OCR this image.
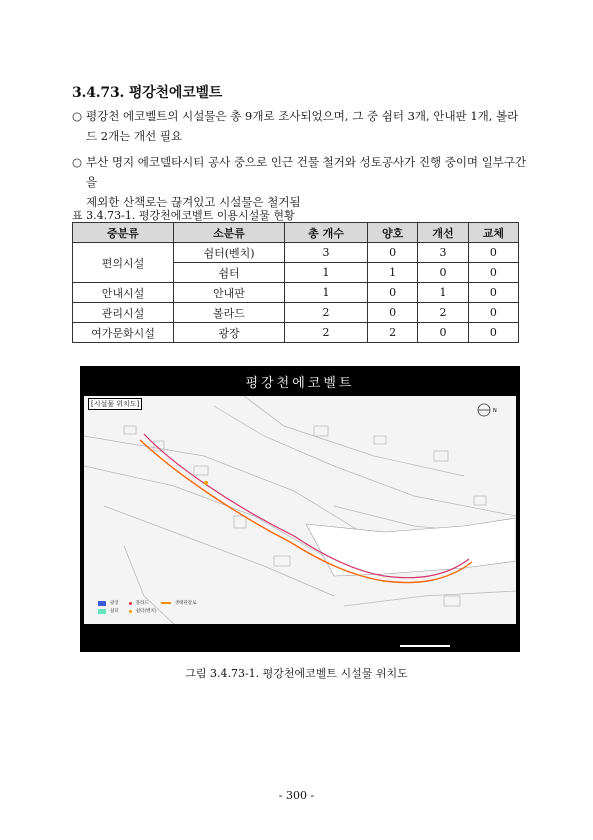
3.4.73. 평강천에코벨트
○ 평강천 에코벨트의 시설물은 총 9개로 조사되었으며, 그 중 쉼터 3개, 안내판 1개, 볼라
드 2개는 개선 필요
○ 부산 명지 에코델타시티 공사 중으로 인근 건물 철거와 성토공사가 진행 중이며 일부구간을
제외한 산책로는 끊겨있고 시설물은 철거됨
표 3.4.73-1. 평강천에코벨트 이용시설물 현황
중분류	소분류	총 개수	양호	개선	교체
편의시설	쉼터(벤치)	3	0	3	0
	쉼터	1	1	0	0
안내시설	안내판	1	0	1	0
관리시설	볼라드	2	0	2	0
여가문화시설	광장	2	2	0	0
평강천에코벨트
N
[시설물 위치도]
광장	볼라드	생태관찰로
쉼터	쉼터(벤치)
그림 3.4.73-1. 평강천에코벨트 시설물 위치도
- 300 -
